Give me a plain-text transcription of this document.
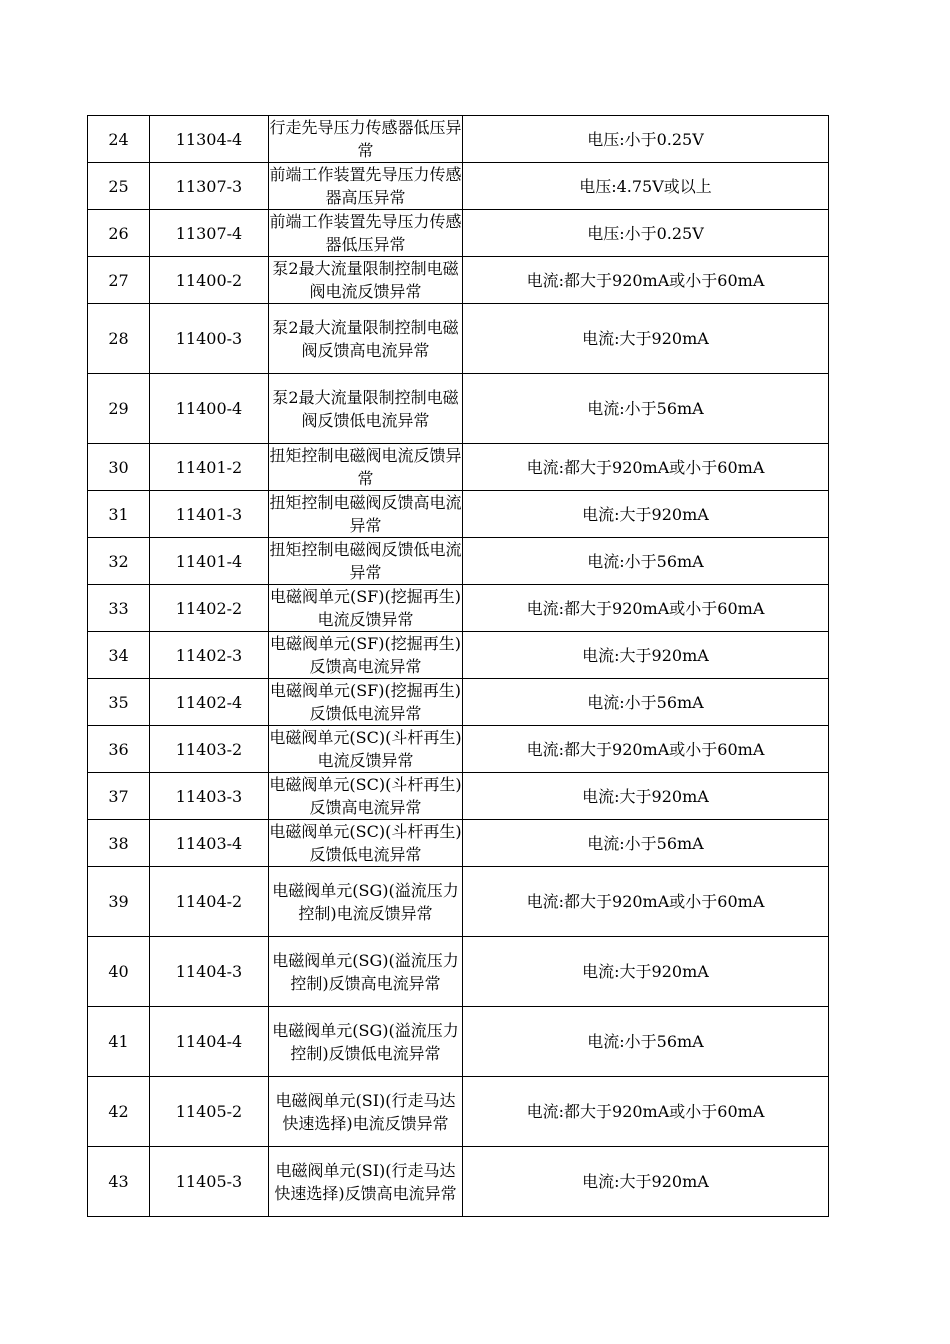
24	11304-4	行走先导压力传感器低压异常	电压:小于0.25V
25	11307-3	前端工作装置先导压力传感器高压异常	电压:4.75V或以上
26	11307-4	前端工作装置先导压力传感器低压异常	电压:小于0.25V
27	11400-2	泵2最大流量限制控制电磁阀电流反馈异常	电流:都大于920mA或小于60mA
28	11400-3	泵2最大流量限制控制电磁阀反馈高电流异常	电流:大于920mA
29	11400-4	泵2最大流量限制控制电磁阀反馈低电流异常	电流:小于56mA
30	11401-2	扭矩控制电磁阀电流反馈异常	电流:都大于920mA或小于60mA
31	11401-3	扭矩控制电磁阀反馈高电流异常	电流:大于920mA
32	11401-4	扭矩控制电磁阀反馈低电流异常	电流:小于56mA
33	11402-2	电磁阀单元(SF)(挖掘再生)电流反馈异常	电流:都大于920mA或小于60mA
34	11402-3	电磁阀单元(SF)(挖掘再生)反馈高电流异常	电流:大于920mA
35	11402-4	电磁阀单元(SF)(挖掘再生)反馈低电流异常	电流:小于56mA
36	11403-2	电磁阀单元(SC)(斗杆再生)电流反馈异常	电流:都大于920mA或小于60mA
37	11403-3	电磁阀单元(SC)(斗杆再生)反馈高电流异常	电流:大于920mA
38	11403-4	电磁阀单元(SC)(斗杆再生)反馈低电流异常	电流:小于56mA
39	11404-2	电磁阀单元(SG)(溢流压力控制)电流反馈异常	电流:都大于920mA或小于60mA
40	11404-3	电磁阀单元(SG)(溢流压力控制)反馈高电流异常	电流:大于920mA
41	11404-4	电磁阀单元(SG)(溢流压力控制)反馈低电流异常	电流:小于56mA
42	11405-2	电磁阀单元(SI)(行走马达快速选择)电流反馈异常	电流:都大于920mA或小于60mA
43	11405-3	电磁阀单元(SI)(行走马达快速选择)反馈高电流异常	电流:大于920mA
